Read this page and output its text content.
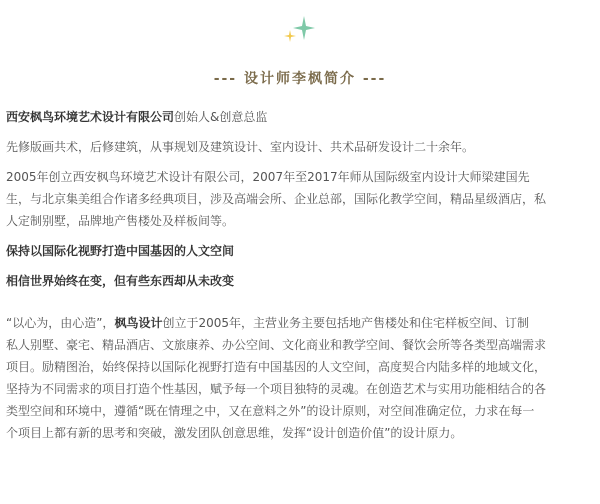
--- 设计师李枫简介 ---
西安枫鸟环境艺术设计有限公司创始人&创意总监
先修版画共术，后修建筑，从事规划及建筑设计、室内设计、共术品研发设计二十余年。
2005年创立西安枫鸟环境艺术设计有限公司，2007年至2017年师从国际级室内设计大师梁建国先
生，与北京集美组合作诸多经典项目，涉及高端会所、企业总部，国际化教学空间，精品星级酒店，私
人定制别墅，品牌地产售楼处及样板间等。
保持以国际化视野打造中国基因的人文空间
相信世界始终在变，但有些东西却从未改变
“以心为，由心造”，枫鸟设计创立于2005年，主营业务主要包括地产售楼处和住宅样板空间、订制
私人别墅、豪宅、精品酒店、文旅康养、办公空间、文化商业和教学空间、餐饮会所等各类型高端需求
项目。励精图治，始终保持以国际化视野打造有中国基因的人文空间，高度契合内陆多样的地域文化，
坚持为不同需求的项目打造个性基因，赋予每一个项目独特的灵魂。在创造艺术与实用功能相结合的各
类型空间和环境中，遵循“既在情理之中，又在意料之外”的设计原则，对空间准确定位，力求在每一
个项目上都有新的思考和突破，激发团队创意思维，发挥“设计创造价值”的设计原力。
